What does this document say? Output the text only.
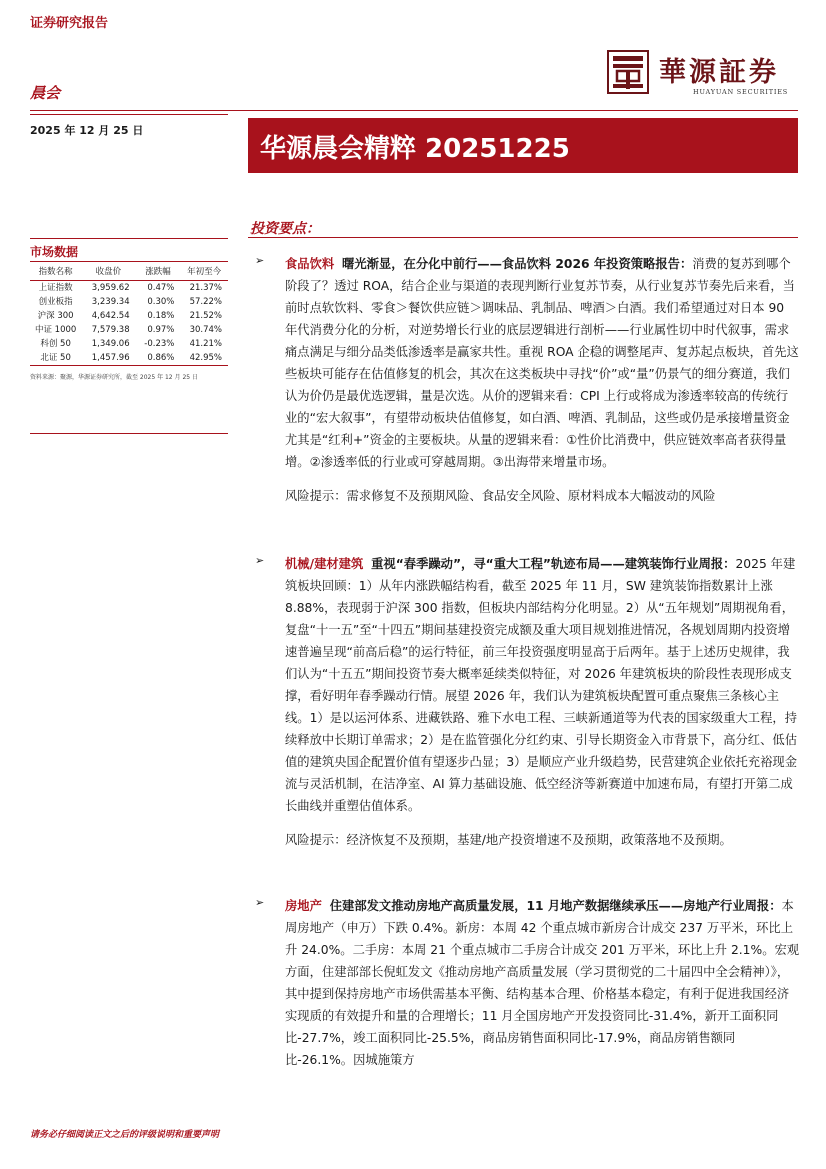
证券研究报告
晨会
華源証券
HUAYUAN SECURITIES
2025 年 12 月 25 日
华源晨会精粹 20251225
市场数据
指数名称	收盘价	涨跌幅	年初至今
上证指数	3,959.62	0.47%	21.37%
创业板指	3,239.34	0.30%	57.22%
沪深 300	4,642.54	0.18%	21.52%
中证 1000	7,579.38	0.97%	30.74%
科创 50	1,349.06	-0.23%	41.21%
北证 50	1,457.96	0.86%	42.95%
资料来源：聚源，华源证券研究所，截至 2025 年 12 月 25 日
投资要点：
➢ 食品饮料 曙光渐显，在分化中前行——食品饮料 2026 年投资策略报告：消费的复苏到哪个阶段了？透过 ROA，结合企业与渠道的表现判断行业复苏节奏，从行业复苏节奏先后来看，当前时点软饮料、零食＞餐饮供应链＞调味品、乳制品、啤酒＞白酒。我们希望通过对日本 90 年代消费分化的分析，对逆势增长行业的底层逻辑进行剖析——行业属性切中时代叙事，需求痛点满足与细分品类低渗透率是赢家共性。重视 ROA 企稳的调整尾声、复苏起点板块，首先这些板块可能存在估值修复的机会，其次在这类板块中寻找“价”或“量”仍景气的细分赛道，我们认为价仍是最优选逻辑，量是次选。从价的逻辑来看：CPI 上行或将成为渗透率较高的传统行业的“宏大叙事”，有望带动板块估值修复，如白酒、啤酒、乳制品，这些或仍是承接增量资金尤其是“红利+”资金的主要板块。从量的逻辑来看：①性价比消费中，供应链效率高者获得量增。②渗透率低的行业或可穿越周期。③出海带来增量市场。
风险提示：需求修复不及预期风险、食品安全风险、原材料成本大幅波动的风险
➢ 机械/建材建筑 重视“春季躁动”，寻“重大工程”轨迹布局——建筑装饰行业周报：2025 年建筑板块回顾：1）从年内涨跌幅结构看，截至 2025 年 11 月，SW 建筑装饰指数累计上涨 8.88%，表现弱于沪深 300 指数，但板块内部结构分化明显。2）从“五年规划”周期视角看，复盘“十一五”至“十四五”期间基建投资完成额及重大项目规划推进情况，各规划周期内投资增速普遍呈现“前高后稳”的运行特征，前三年投资强度明显高于后两年。基于上述历史规律，我们认为“十五五”期间投资节奏大概率延续类似特征，对 2026 年建筑板块的阶段性表现形成支撑，看好明年春季躁动行情。展望 2026 年，我们认为建筑板块配置可重点聚焦三条核心主线。1）是以运河体系、进藏铁路、雅下水电工程、三峡新通道等为代表的国家级重大工程，持续释放中长期订单需求；2）是在监管强化分红约束、引导长期资金入市背景下，高分红、低估值的建筑央国企配置价值有望逐步凸显；3）是顺应产业升级趋势，民营建筑企业依托充裕现金流与灵活机制，在洁净室、AI 算力基础设施、低空经济等新赛道中加速布局，有望打开第二成长曲线并重塑估值体系。
风险提示：经济恢复不及预期，基建/地产投资增速不及预期，政策落地不及预期。
➢ 房地产 住建部发文推动房地产高质量发展，11 月地产数据继续承压——房地产行业周报：本周房地产（申万）下跌 0.4%。新房：本周 42 个重点城市新房合计成交 237 万平米，环比上升 24.0%。二手房：本周 21 个重点城市二手房合计成交 201 万平米，环比上升 2.1%。宏观方面，住建部部长倪虹发文《推动房地产高质量发展（学习贯彻党的二十届四中全会精神）》，其中提到保持房地产市场供需基本平衡、结构基本合理、价格基本稳定，有利于促进我国经济实现质的有效提升和量的合理增长；11 月全国房地产开发投资同比-31.4%，新开工面积同比-27.7%，竣工面积同比-25.5%，商品房销售面积同比-17.9%，商品房销售额同比-26.1%。因城施策方
请务必仔细阅读正文之后的评级说明和重要声明
